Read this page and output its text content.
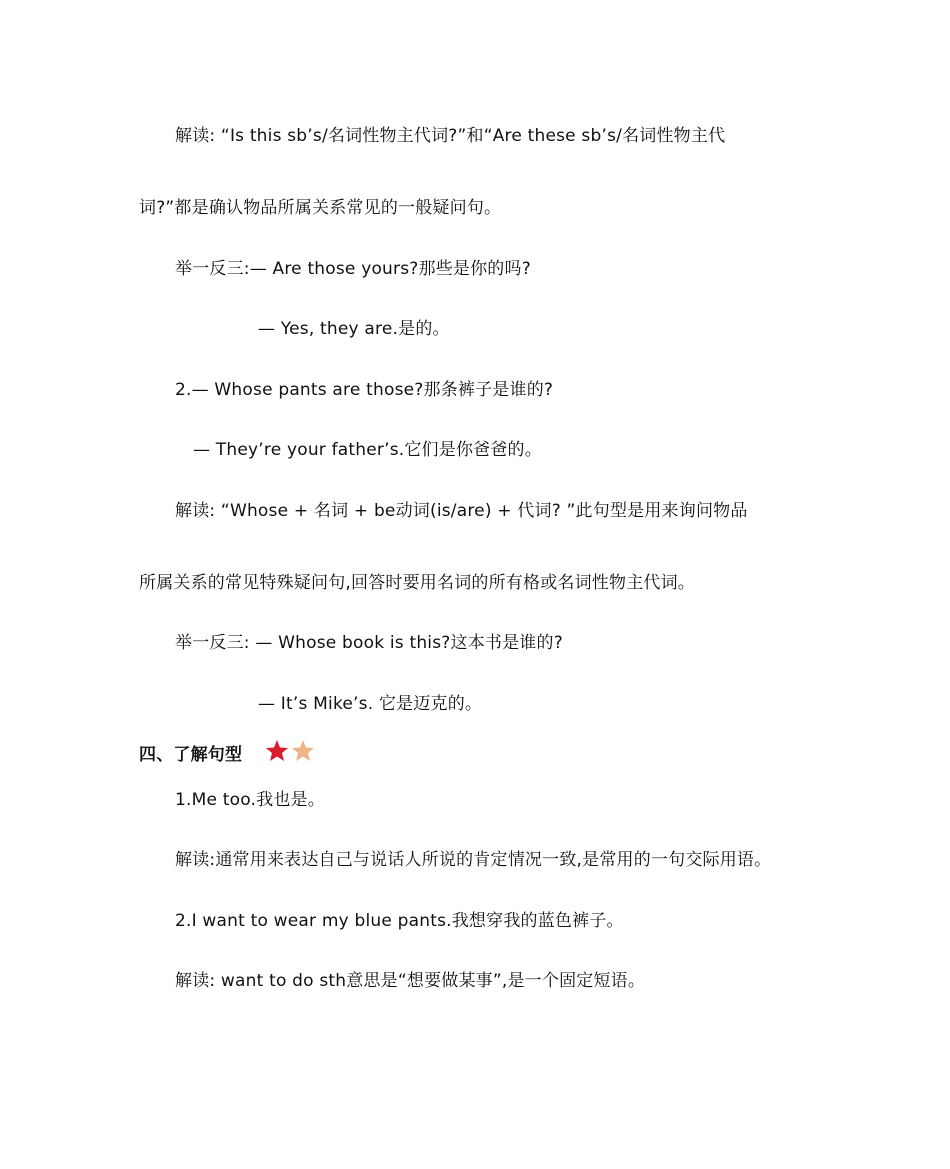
解读: “Is this sb’s/名词性物主代词?”和“Are these sb’s/名词性物主代
词?”都是确认物品所属关系常见的一般疑问句。
举一反三:— Are those yours?那些是你的吗?
— Yes, they are.是的。
2.— Whose pants are those?那条裤子是谁的?
— They’re your father’s.它们是你爸爸的。
解读: “Whose + 名词 + be动词(is/are) + 代词? ”此句型是用来询问物品
所属关系的常见特殊疑问句,回答时要用名词的所有格或名词性物主代词。
举一反三: — Whose book is this?这本书是谁的?
— It’s Mike’s. 它是迈克的。
四、了解句型
1.Me too.我也是。
解读:通常用来表达自己与说话人所说的肯定情况一致,是常用的一句交际用语。
2.I want to wear my blue pants.我想穿我的蓝色裤子。
解读: want to do sth意思是“想要做某事”,是一个固定短语。
